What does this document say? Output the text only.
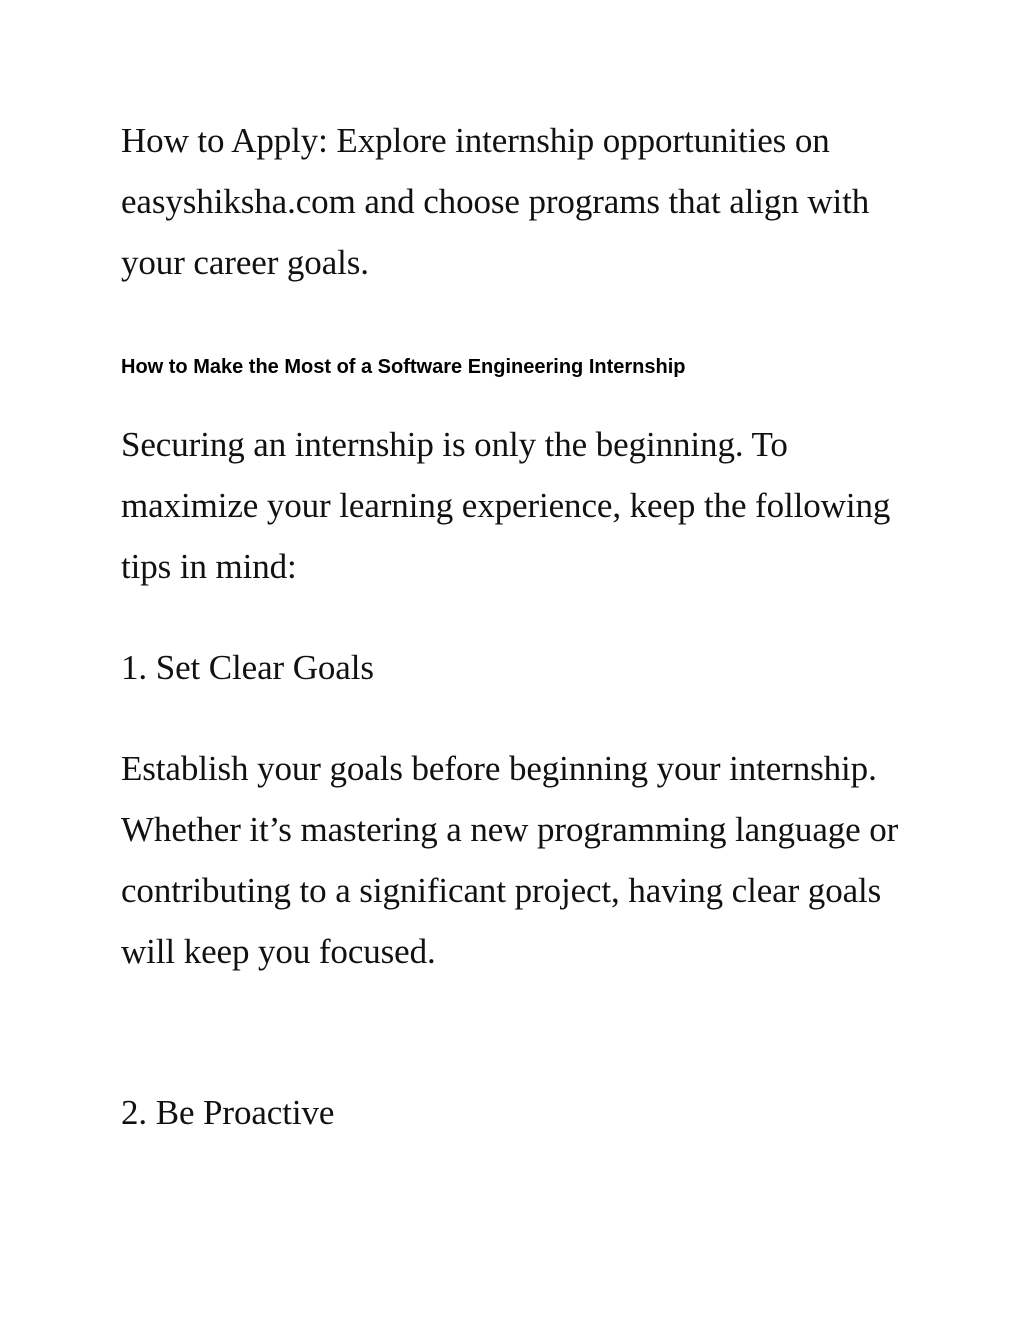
How to Apply: Explore internship opportunities on easyshiksha.com and choose programs that align with your career goals.

How to Make the Most of a Software Engineering Internship

Securing an internship is only the beginning. To maximize your learning experience, keep the following tips in mind:

1. Set Clear Goals

Establish your goals before beginning your internship. Whether it’s mastering a new programming language or contributing to a significant project, having clear goals will keep you focused.

2. Be Proactive
